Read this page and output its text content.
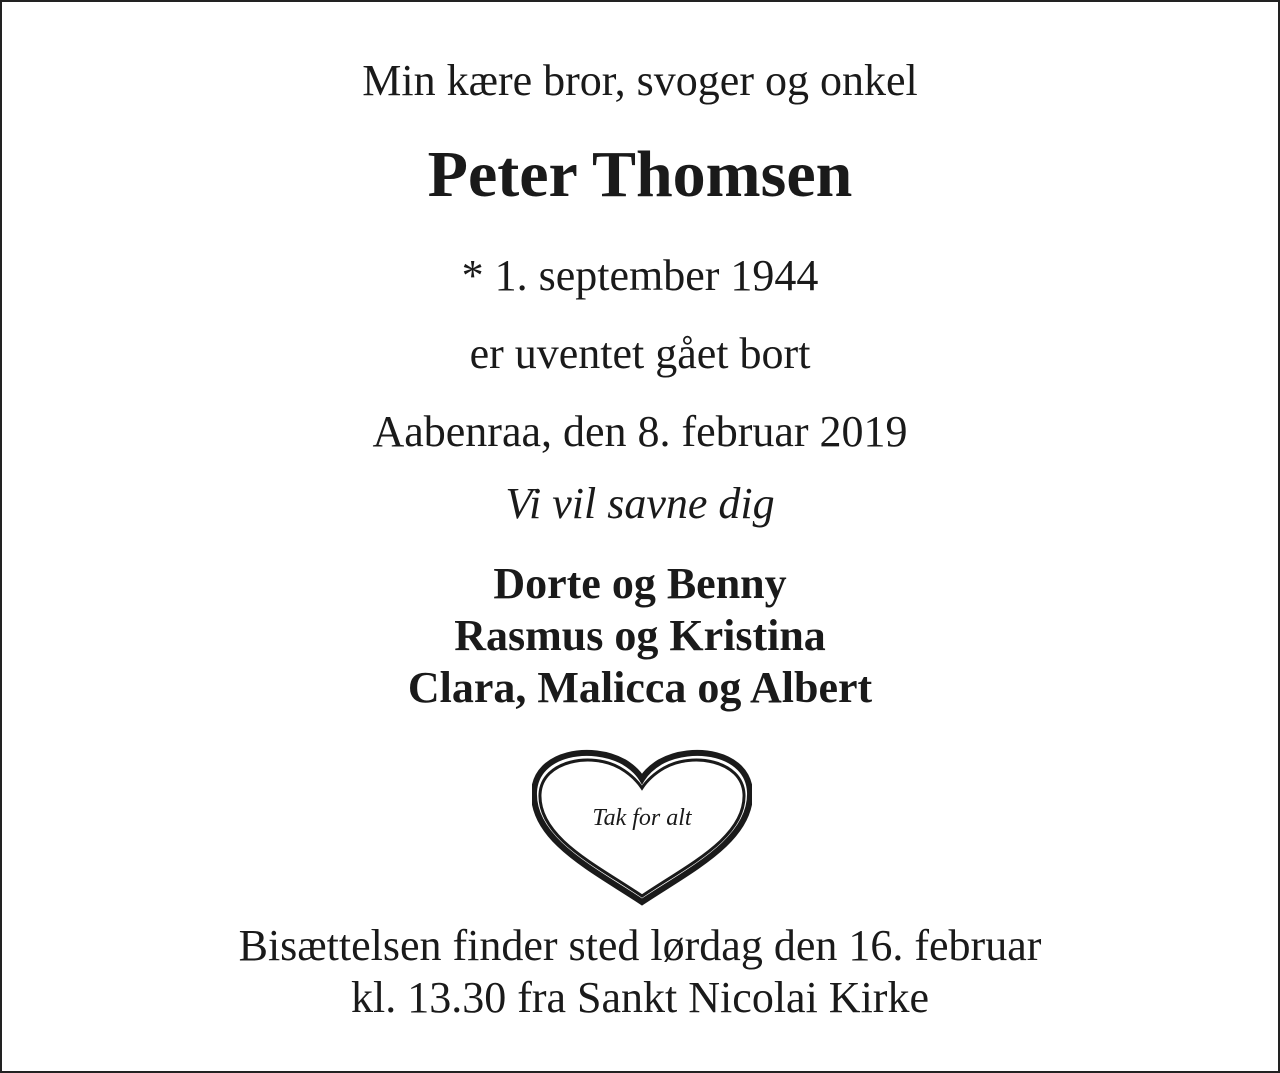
Min kære bror, svoger og onkel
Peter Thomsen
* 1. september 1944
er uventet gået bort
Aabenraa, den 8. februar 2019
Vi vil savne dig
Dorte og Benny
Rasmus og Kristina
Clara, Malicca og Albert
Tak for alt
Bisættelsen finder sted lørdag den 16. februar
kl. 13.30 fra Sankt Nicolai Kirke
